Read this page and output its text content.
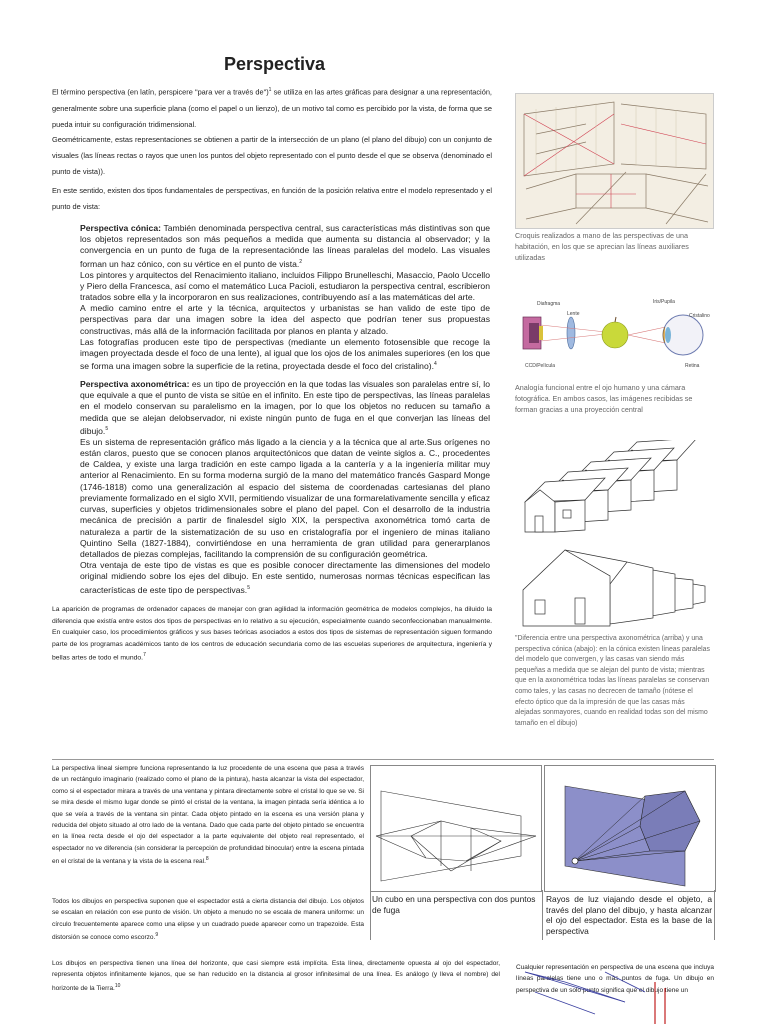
Perspectiva
El término perspectiva (en latín, perspicere "para ver a través de")$^1$ se utiliza en las artes gráficas para designar a una representación, generalmente sobre una superficie plana (como el papel o un lienzo), de un motivo tal como es percibido por la vista, de forma que se pueda intuir su configuración tridimensional.
Geométricamente, estas representaciones se obtienen a partir de la intersección de un plano (el plano del dibujo) con un conjunto de visuales (las líneas rectas o rayos que unen los puntos del objeto representado con el punto desde el que se observa (denominado el punto de vista)).
En este sentido, existen dos tipos fundamentales de perspectivas, en función de la posición relativa entre el modelo representado y el punto de vista:
Perspectiva cónica: También denominada perspectiva central, sus características más distintivas son que los objetos representados son más pequeños a medida que aumenta su distancia al observador; y la convergencia en un punto de fuga de la representaciónde las líneas paralelas del modelo. Las visuales forman un haz cónico, con su vértice en el punto de vista.$^2$
Los pintores y arquitectos del Renacimiento italiano, incluidos Filippo Brunelleschi, Masaccio, Paolo Uccello y Piero della Francesca, así como el matemático Luca Pacioli, estudiaron la perspectiva central, escribieron tratados sobre ella y la incorporaron en sus realizaciones, contribuyendo así a las matemáticas del arte.
A medio camino entre el arte y la técnica, arquitectos y urbanistas se han valido de este tipo de perspectivas para dar una imagen sobre la idea del aspecto que podrían tener sus propuestas constructivas, más allá de la información facilitada por planos en planta y alzado.
Las fotografías producen este tipo de perspectivas (mediante un elemento fotosensible que recoge la imagen proyectada desde el foco de una lente), al igual que los ojos de los animales superiores (en los que se forma una imagen sobre la superficie de la retina, proyectada desde el foco del cristalino).$^4$
Perspectiva axonométrica: es un tipo de proyección en la que todas las visuales son paralelas entre sí, lo que equivale a que el punto de vista se sitúe en el infinito. En este tipo de perspectivas, las líneas paralelas en el modelo conservan su paralelismo en la imagen, por lo que los objetos no reducen su tamaño a medida que se alejan delobservador, ni existe ningún punto de fuga en el que converjan las líneas del dibujo.$^5$
Es un sistema de representación gráfico más ligado a la ciencia y a la técnica que al arte.Sus orígenes no están claros, puesto que se conocen planos arquitectónicos que datan de veinte siglos a. C., procedentes de Caldea, y existe una larga tradición en este campo ligada a la cantería y a la ingeniería militar muy anterior al Renacimiento. En su forma moderna surgió de la mano del matemático francés Gaspard Monge (1746-1818) como una generalización al espacio del sistema de coordenadas cartesianas del plano previamente formalizado en el siglo XVII, permitiendo visualizar de una formarelativamente sencilla y eficaz curvas, superficies y objetos tridimensionales sobre el plano del papel. Con el desarrollo de la industria mecánica de precisión a partir de finalesdel siglo XIX, la perspectiva axonométrica tomó carta de naturaleza a partir de la sistematización de su uso en cristalografía por el ingeniero de minas italiano Quintino Sella (1827-1884), convirtiéndose en una herramienta de gran utilidad para generarplanos detallados de piezas complejas, facilitando la comprensión de su configuración geométrica.
Otra ventaja de este tipo de vistas es que es posible conocer directamente las dimensiones del modelo original midiendo sobre los ejes del dibujo. En este sentido, numerosas normas técnicas especifican las características de este tipo de perspectivas.$^5$
La aparición de programas de ordenador capaces de manejar con gran agilidad la información geométrica de modelos complejos, ha diluido la diferencia que existía entre estos dos tipos de perspectivas en lo relativo a su ejecución, especialmente cuando seconfeccionaban manualmente. En cualquier caso, los procedimientos gráficos y sus bases teóricas asociados a estos dos tipos de sistemas de representación siguen formando parte de los programas académicos tanto de los centros de educación secundaria como de las escuelas superiores de arquitectura, ingeniería y bellas artes de todo el mundo.$^7$
Croquis realizados a mano de las perspectivas de una habitación, en los que se aprecian las líneas auxiliares utilizadas
Diafragma
Lente
Iris/Pupila
Cristalino
CCD/Película	Retina
Analogía funcional entre el ojo humano y una cámara fotográfica. En ambos casos, las imágenes recibidas se forman gracias a una proyección central
"Diferencia entre una perspectiva axonométrica (arriba) y una perspectiva cónica (abajo): en la cónica existen líneas paralelas del modelo que convergen, y las casas van siendo más pequeñas a medida que se alejan del punto de vista; mientras que en la axonométrica todas las líneas paralelas se conservan como tales, y las casas no decrecen de tamaño (nótese el efecto óptico que da la impresión de que las casas más alejadas sonmayores, cuando en realidad todas son del mismo tamaño en el dibujo)
La perspectiva lineal siempre funciona representando la luz procedente de una escena que pasa a través de un rectángulo imaginario (realizado como el plano de la pintura), hasta alcanzar la vista del espectador, como si el espectador mirara a través de una ventana y pintara directamente sobre el cristal lo que se ve. Si se mira desde el mismo lugar donde se pintó el cristal de la ventana, la imagen pintada sería idéntica a lo que se veía a través de la ventana sin pintar. Cada objeto pintado en la escena es una versión plana y reducida del objeto situado al otro lado de la ventana. Dado que cada parte del objeto pintado se encuentra en la línea recta desde el ojo del espectador a la parte equivalente del objeto real representado, el espectador no ve diferencia (sin considerar la percepción de profundidad binocular) entre la escena pintada en el cristal de la ventana y la vista de la escena real.$^8$
Todos los dibujos en perspectiva suponen que el espectador está a cierta distancia del dibujo. Los objetos se escalan en relación con ese punto de visión. Un objeto a menudo no se escala de manera uniforme: un círculo frecuentemente aparece como una elipse y un cuadrado puede aparecer como un trapezoide. Esta distorsión se conoce como escorzo.$^9$
Los dibujos en perspectiva tienen una línea del horizonte, que casi siempre está implícita. Esta línea, directamente opuesta al ojo del espectador, representa objetos infinitamente lejanos, que se han reducido en la distancia al grosor infinitesimal de una línea. Es análogo (y lleva el nombre) del horizonte de la Tierra.$^{10}$
Cualquier representación en perspectiva de una escena que incluya líneas paralelas tiene uno o más puntos de fuga. Un dibujo en perspectiva de un solo punto significa que el dibujo tiene un
Un cubo en una perspectiva con dos puntos de fuga
Rayos de luz viajando desde el objeto, a través del plano del dibujo, y hasta alcanzar el ojo del espectador. Esta es la base de la perspectiva
